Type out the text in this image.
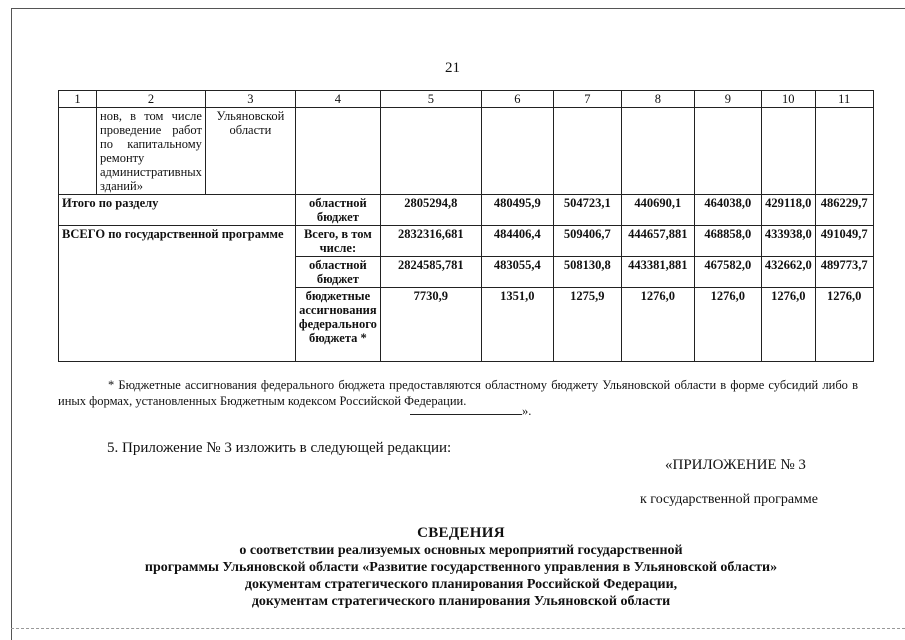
21
1	2	3	4	5	6	7	8	9	10	11
	нов, в том числе проведение работ по капитальному ремонту административных зданий»	Ульяновской области								
Итого по разделу			областной бюджет	2805294,8	480495,9	504723,1	440690,1	464038,0	429118,0	486229,7
ВСЕГО по государственной программе			Всего, в том числе:	2832316,681	484406,4	509406,7	444657,881	468858,0	433938,0	491049,7
			областной бюджет	2824585,781	483055,4	508130,8	443381,881	467582,0	432662,0	489773,7
			бюджетные ассигнования федерального бюджета *	7730,9	1351,0	1275,9	1276,0	1276,0	1276,0	1276,0
* Бюджетные ассигнования федерального бюджета предоставляются областному бюджету Ульяновской области в форме субсидий либо в иных формах, установленных Бюджетным кодексом Российской Федерации.
».
5. Приложение № 3 изложить в следующей редакции:
«ПРИЛОЖЕНИЕ № 3
к государственной программе
СВЕДЕНИЯ
о соответствии реализуемых основных мероприятий государственной
программы Ульяновской области «Развитие государственного управления в Ульяновской области»
документам стратегического планирования Российской Федерации,
документам стратегического планирования Ульяновской области
